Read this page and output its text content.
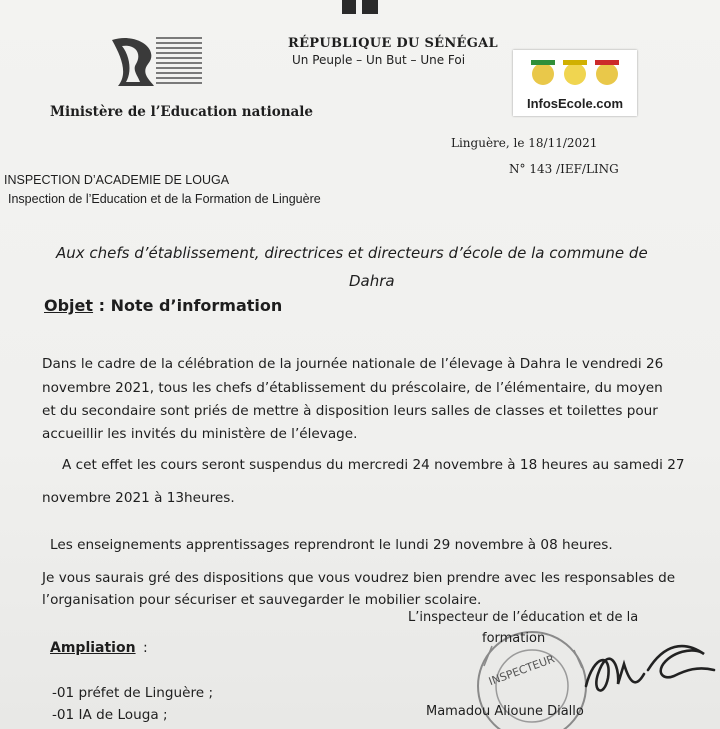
RÉPUBLIQUE DU SÉNÉGAL
Un Peuple – Un But – Une Foi
Ministère de l’Education nationale
InfosEcole.com
Linguère, le 18/11/2021
N° 143 /IEF/LING
INSPECTION D’ACADEMIE DE LOUGA
Inspection de l’Education et de la Formation de Linguère
Aux chefs d’établissement, directrices et directeurs d’école de la commune de
Dahra
Objet : Note d’information
Dans le cadre de la célébration de la journée nationale de l’élevage à Dahra le vendredi 26
novembre 2021, tous les chefs d’établissement du préscolaire, de l’élémentaire, du moyen
et du secondaire sont priés de mettre à disposition leurs salles de classes et toilettes pour
accueillir les invités du ministère de l’élevage.
A cet effet les cours seront suspendus du mercredi 24 novembre à 18 heures au samedi 27
novembre 2021 à 13heures.
Les enseignements apprentissages reprendront le lundi 29 novembre à 08 heures.
Je vous saurais gré des dispositions que vous voudrez bien prendre avec les responsables de
l’organisation pour sécuriser et sauvegarder le mobilier scolaire.
INSPECTEUR
L’inspecteur de l’éducation et de la
formation
Ampliation :
-01 préfet de Linguère ;
-01 IA de Louga ;	Mamadou Alioune Diallo
